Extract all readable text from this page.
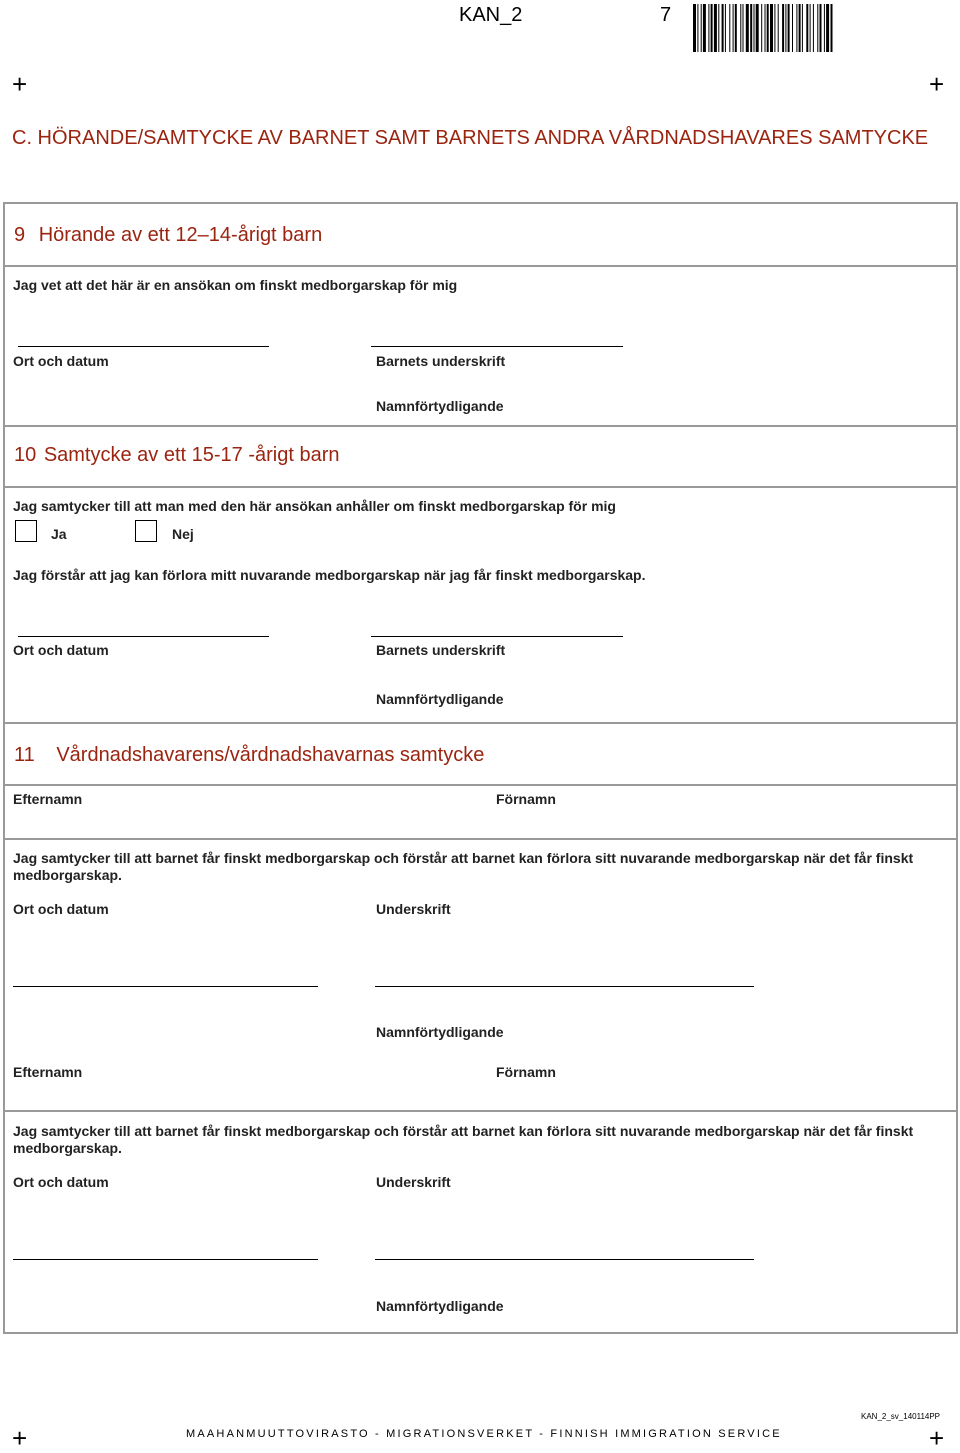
KAN_2	7
+	+
+	+
C. HÖRANDE/SAMTYCKE AV BARNET SAMT BARNETS ANDRA VÅRDNADSHAVARES SAMTYCKE
9 Hörande av ett 12–14-årigt barn
Jag vet att det här är en ansökan om finskt medborgarskap för mig
Ort och datum	Barnets underskrift
Namnförtydligande
10 Samtycke av ett 15-17 -årigt barn
Jag samtycker till att man med den här ansökan anhåller om finskt medborgarskap för mig
Ja	Nej
Jag förstår att jag kan förlora mitt nuvarande medborgarskap när jag får finskt medborgarskap.
Ort och datum	Barnets underskrift
Namnförtydligande
11 Vårdnadshavarens/vårdnadshavarnas samtycke
Efternamn	Förnamn
Jag samtycker till att barnet får finskt medborgarskap och förstår att barnet kan förlora sitt nuvarande medborgarskap när det får finskt medborgarskap.
Ort och datum	Underskrift
Namnförtydligande
Efternamn	Förnamn
Jag samtycker till att barnet får finskt medborgarskap och förstår att barnet kan förlora sitt nuvarande medborgarskap när det får finskt medborgarskap.
Ort och datum	Underskrift
Namnförtydligande
KAN_2_sv_140114PP
MAAHANMUUTTOVIRASTO - MIGRATIONSVERKET - FINNISH IMMIGRATION SERVICE
